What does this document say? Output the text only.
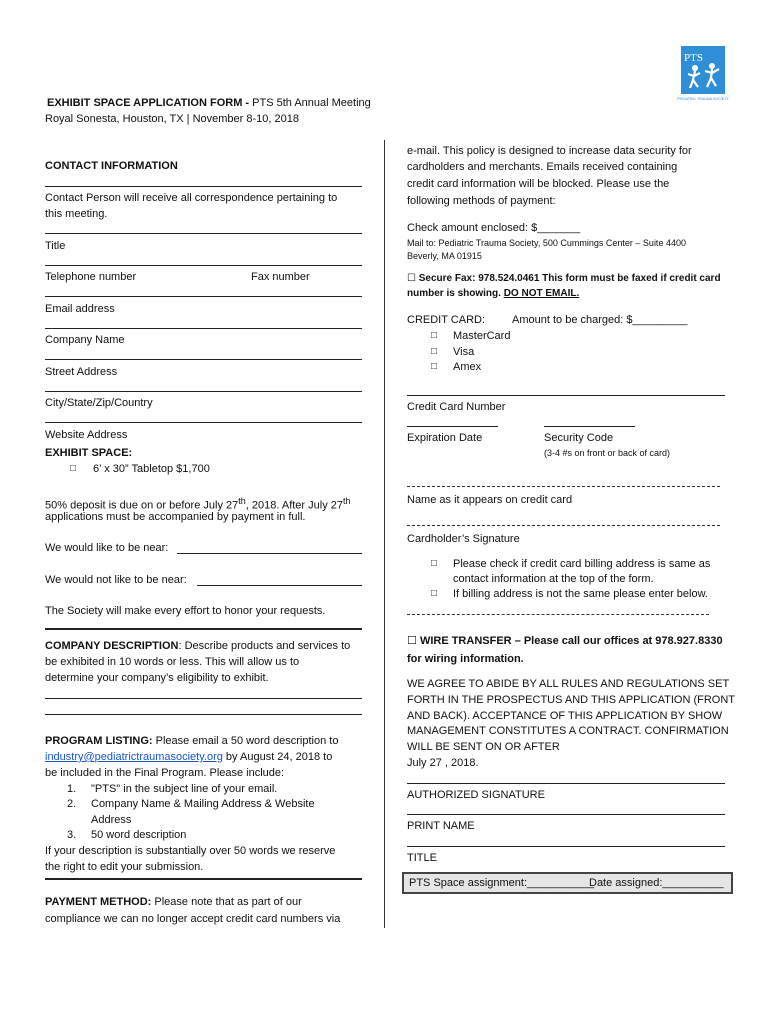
PTS
PEDIATRIC TRAUMA SOCIETY
EXHIBIT SPACE APPLICATION FORM - PTS 5th Annual Meeting
Royal Sonesta, Houston, TX | November 8-10, 2018
CONTACT INFORMATION
Contact Person will receive all correspondence pertaining to
this meeting.
Title
Telephone number	Fax number
Email address
Company Name
Street Address
City/State/Zip/Country
Website Address
EXHIBIT SPACE:
□ 6’ x 30” Tabletop $1,700
50% deposit is due on or before July 27th, 2018. After July 27th
applications must be accompanied by payment in full.
We would like to be near:
We would not like to be near:
The Society will make every effort to honor your requests.
COMPANY DESCRIPTION: Describe products and services to
be exhibited in 10 words or less. This will allow us to
determine your company’s eligibility to exhibit.
PROGRAM LISTING: Please email a 50 word description to
industry@pediatrictraumasociety.org by August 24, 2018 to
be included in the Final Program. Please include:
1. "PTS" in the subject line of your email.
2. Company Name & Mailing Address & Website
Address
3. 50 word description
If your description is substantially over 50 words we reserve
the right to edit your submission.
PAYMENT METHOD: Please note that as part of our
compliance we can no longer accept credit card numbers via
e-mail. This policy is designed to increase data security for
cardholders and merchants. Emails received containing
credit card information will be blocked. Please use the
following methods of payment:
Check amount enclosed: $_______
Mail to: Pediatric Trauma Society, 500 Cummings Center – Suite 4400
Beverly, MA 01915
☐ Secure Fax: 978.524.0461 This form must be faxed if credit card
number is showing. DO NOT EMAIL.
CREDIT CARD: Amount to be charged: $_________
□ MasterCard
□ Visa
□ Amex
Credit Card Number
Expiration Date	Security Code
(3-4 #s on front or back of card)
Name as it appears on credit card
Cardholder’s Signature
□ Please check if credit card billing address is same as
contact information at the top of the form.
□ If billing address is not the same please enter below.
☐ WIRE TRANSFER – Please call our offices at 978.927.8330
for wiring information.
WE AGREE TO ABIDE BY ALL RULES AND REGULATIONS SET
FORTH IN THE PROSPECTUS AND THIS APPLICATION (FRONT
AND BACK). ACCEPTANCE OF THIS APPLICATION BY SHOW
MANAGEMENT CONSTITUTES A CONTRACT. CONFIRMATION
WILL BE SENT ON OR AFTER
July 27 , 2018.
AUTHORIZED SIGNATURE
PRINT NAME
TITLE
PTS Space assignment:___________
Date assigned:__________
